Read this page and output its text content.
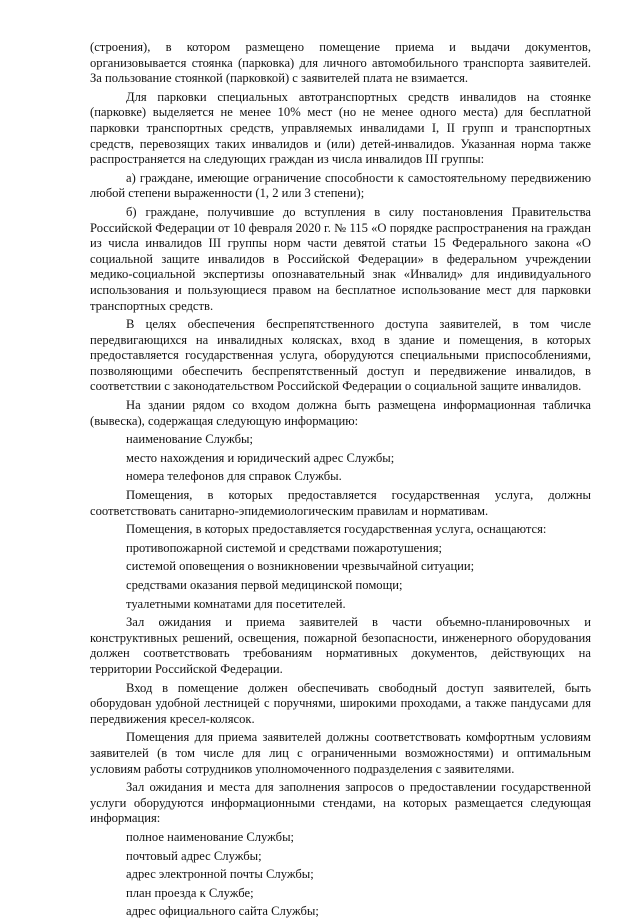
(строения), в котором размещено помещение приема и выдачи документов, организовывается стоянка (парковка) для личного автомобильного транспорта заявителей. За пользование стоянкой (парковкой) с заявителей плата не взимается.

Для парковки специальных автотранспортных средств инвалидов на стоянке (парковке) выделяется не менее 10% мест (но не менее одного места) для бесплатной парковки транспортных средств, управляемых инвалидами I, II групп и транспортных средств, перевозящих таких инвалидов и (или) детей-инвалидов. Указанная норма также распространяется на следующих граждан из числа инвалидов III группы:

а) граждане, имеющие ограничение способности к самостоятельному передвижению любой степени выраженности (1, 2 или 3 степени);

б) граждане, получившие до вступления в силу постановления Правительства Российской Федерации от 10 февраля 2020 г. № 115 «О порядке распространения на граждан из числа инвалидов III группы норм части девятой статьи 15 Федерального закона «О социальной защите инвалидов в Российской Федерации» в федеральном учреждении медико-социальной экспертизы опознавательный знак «Инвалид» для индивидуального использования и пользующиеся правом на бесплатное использование мест для парковки транспортных средств.

В целях обеспечения беспрепятственного доступа заявителей, в том числе передвигающихся на инвалидных колясках, вход в здание и помещения, в которых предоставляется государственная услуга, оборудуются специальными приспособлениями, позволяющими обеспечить беспрепятственный доступ и передвижение инвалидов, в соответствии с законодательством Российской Федерации о социальной защите инвалидов.

На здании рядом со входом должна быть размещена информационная табличка (вывеска), содержащая следующую информацию:

наименование Службы;
место нахождения и юридический адрес Службы;
номера телефонов для справок Службы.

Помещения, в которых предоставляется государственная услуга, должны соответствовать санитарно-эпидемиологическим правилам и нормативам.

Помещения, в которых предоставляется государственная услуга, оснащаются:

противопожарной системой и средствами пожаротушения;
системой оповещения о возникновении чрезвычайной ситуации;
средствами оказания первой медицинской помощи;
туалетными комнатами для посетителей.

Зал ожидания и приема заявителей в части объемно-планировочных и конструктивных решений, освещения, пожарной безопасности, инженерного оборудования должен соответствовать требованиям нормативных документов, действующих на территории Российской Федерации.

Вход в помещение должен обеспечивать свободный доступ заявителей, быть оборудован удобной лестницей с поручнями, широкими проходами, а также пандусами для передвижения кресел-колясок.

Помещения для приема заявителей должны соответствовать комфортным условиям заявителей (в том числе для лиц с ограниченными возможностями) и оптимальным условиям работы сотрудников уполномоченного подразделения с заявителями.

Зал ожидания и места для заполнения запросов о предоставлении государственной услуги оборудуются информационными стендами, на которых размещается следующая информация:

полное наименование Службы;
почтовый адрес Службы;
адрес электронной почты Службы;
план проезда к Службе;
адрес официального сайта Службы;
